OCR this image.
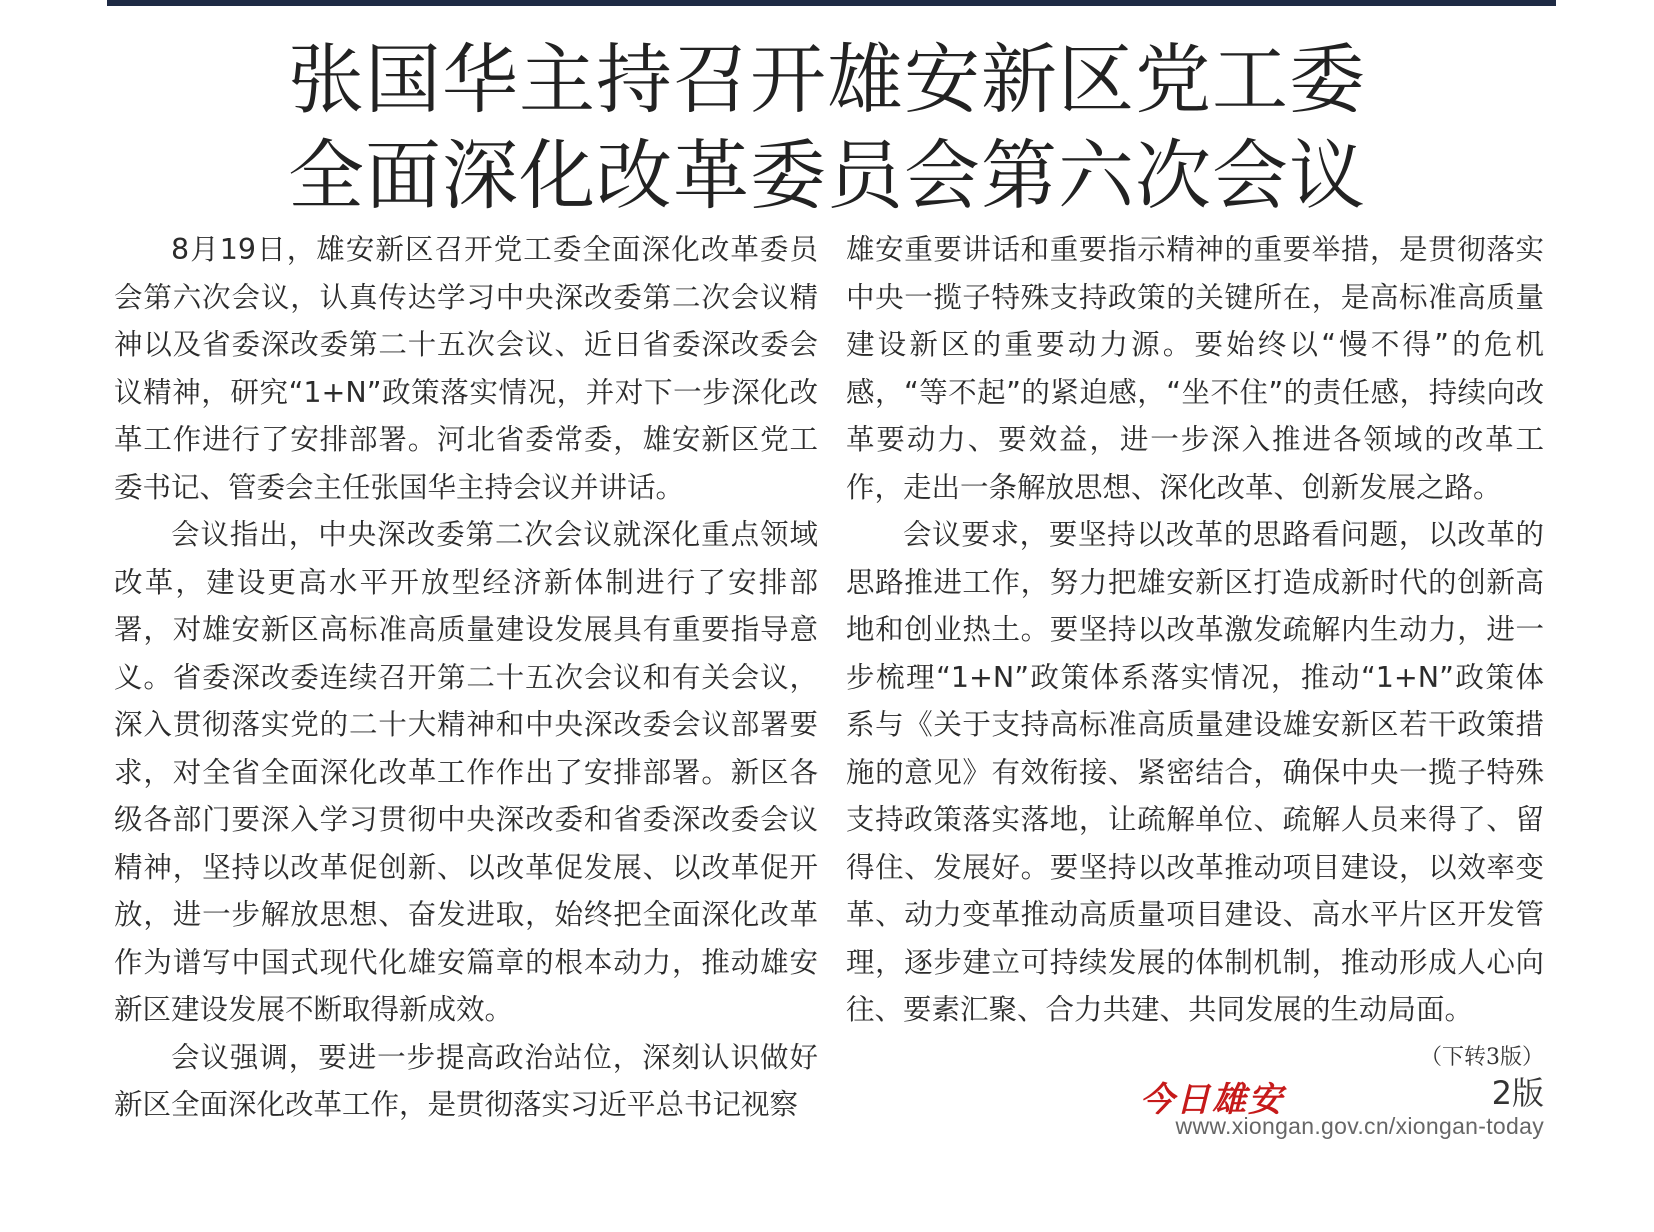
张国华主持召开雄安新区党工委
全面深化改革委员会第六次会议

8月19日，雄安新区召开党工委全面深化改革委员会第六次会议，认真传达学习中央深改委第二次会议精神以及省委深改委第二十五次会议、近日省委深改委会议精神，研究“1+N”政策落实情况，并对下一步深化改革工作进行了安排部署。河北省委常委，雄安新区党工委书记、管委会主任张国华主持会议并讲话。

会议指出，中央深改委第二次会议就深化重点领域改革，建设更高水平开放型经济新体制进行了安排部署，对雄安新区高标准高质量建设发展具有重要指导意义。省委深改委连续召开第二十五次会议和有关会议，深入贯彻落实党的二十大精神和中央深改委会议部署要求，对全省全面深化改革工作作出了安排部署。新区各级各部门要深入学习贯彻中央深改委和省委深改委会议精神，坚持以改革促创新、以改革促发展、以改革促开放，进一步解放思想、奋发进取，始终把全面深化改革作为谱写中国式现代化雄安篇章的根本动力，推动雄安新区建设发展不断取得新成效。

会议强调，要进一步提高政治站位，深刻认识做好新区全面深化改革工作，是贯彻落实习近平总书记视察

雄安重要讲话和重要指示精神的重要举措，是贯彻落实中央一揽子特殊支持政策的关键所在，是高标准高质量建设新区的重要动力源。要始终以“慢不得”的危机感，“等不起”的紧迫感，“坐不住”的责任感，持续向改革要动力、要效益，进一步深入推进各领域的改革工作，走出一条解放思想、深化改革、创新发展之路。

会议要求，要坚持以改革的思路看问题，以改革的思路推进工作，努力把雄安新区打造成新时代的创新高地和创业热土。要坚持以改革激发疏解内生动力，进一步梳理“1+N”政策体系落实情况，推动“1+N”政策体系与《关于支持高标准高质量建设雄安新区若干政策措施的意见》有效衔接、紧密结合，确保中央一揽子特殊支持政策落实落地，让疏解单位、疏解人员来得了、留得住、发展好。要坚持以改革推动项目建设，以效率变革、动力变革推动高质量项目建设、高水平片区开发管理，逐步建立可持续发展的体制机制，推动形成人心向往、要素汇聚、合力共建、共同发展的生动局面。
（下转3版）

今日雄安	2版
www.xiongan.gov.cn/xiongan-today
